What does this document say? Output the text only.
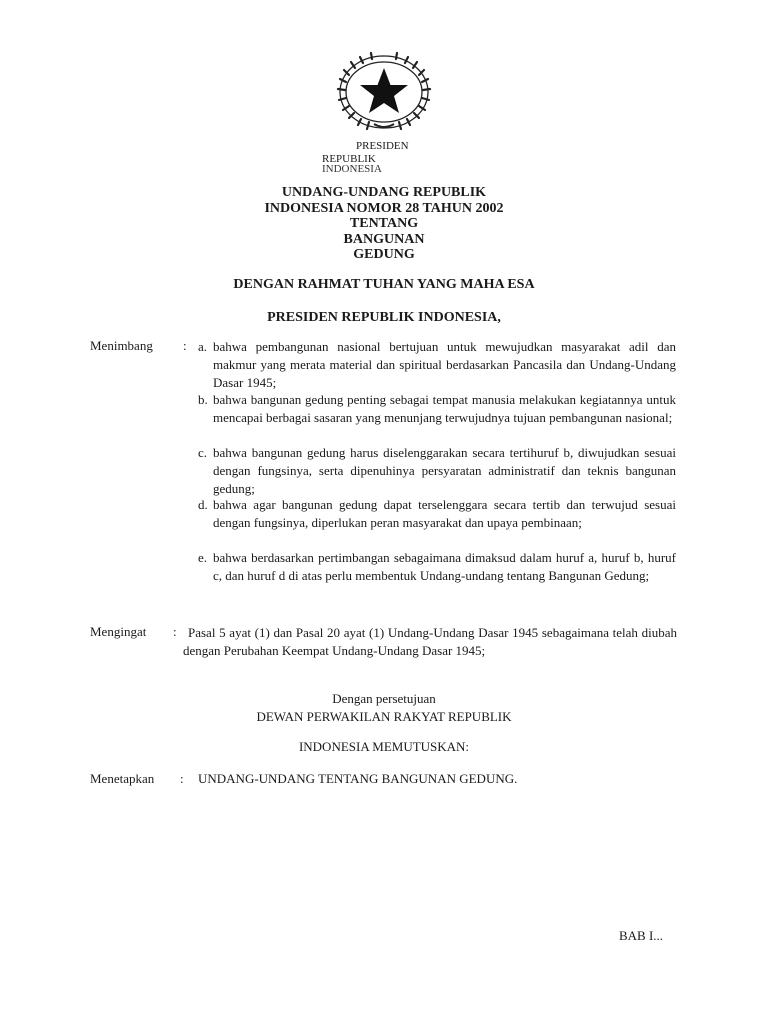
PRESIDEN
REPUBLIK
INDONESIA
UNDANG-UNDANG REPUBLIK
INDONESIA NOMOR 28 TAHUN 2002
TENTANG
BANGUNAN
GEDUNG
DENGAN RAHMAT TUHAN YANG MAHA ESA
PRESIDEN REPUBLIK INDONESIA,
Menimbang : a. bahwa pembangunan nasional bertujuan untuk mewujudkan masyarakat adil dan makmur yang merata material dan spiritual berdasarkan Pancasila dan Undang-Undang Dasar 1945;
b. bahwa bangunan gedung penting sebagai tempat manusia melakukan kegiatannya untuk mencapai berbagai sasaran yang menunjang terwujudnya tujuan pembangunan nasional;
c. bahwa bangunan gedung harus diselenggarakan secara tertihuruf b, diwujudkan sesuai dengan fungsinya, serta dipenuhinya persyaratan administratif dan teknis bangunan gedung;
d. bahwa agar bangunan gedung dapat terselenggara secara tertib dan terwujud sesuai dengan fungsinya, diperlukan peran masyarakat dan upaya pembinaan;
e. bahwa berdasarkan pertimbangan sebagaimana dimaksud dalam huruf a, huruf b, huruf c, dan huruf d di atas perlu membentuk Undang-undang tentang Bangunan Gedung;
Mengingat : Pasal 5 ayat (1) dan Pasal 20 ayat (1) Undang-Undang Dasar 1945 sebagaimana telah diubah dengan Perubahan Keempat Undang-Undang Dasar 1945;
Dengan persetujuan
DEWAN PERWAKILAN RAKYAT REPUBLIK
INDONESIA MEMUTUSKAN:
Menetapkan : UNDANG-UNDANG TENTANG BANGUNAN GEDUNG.
BAB I...
